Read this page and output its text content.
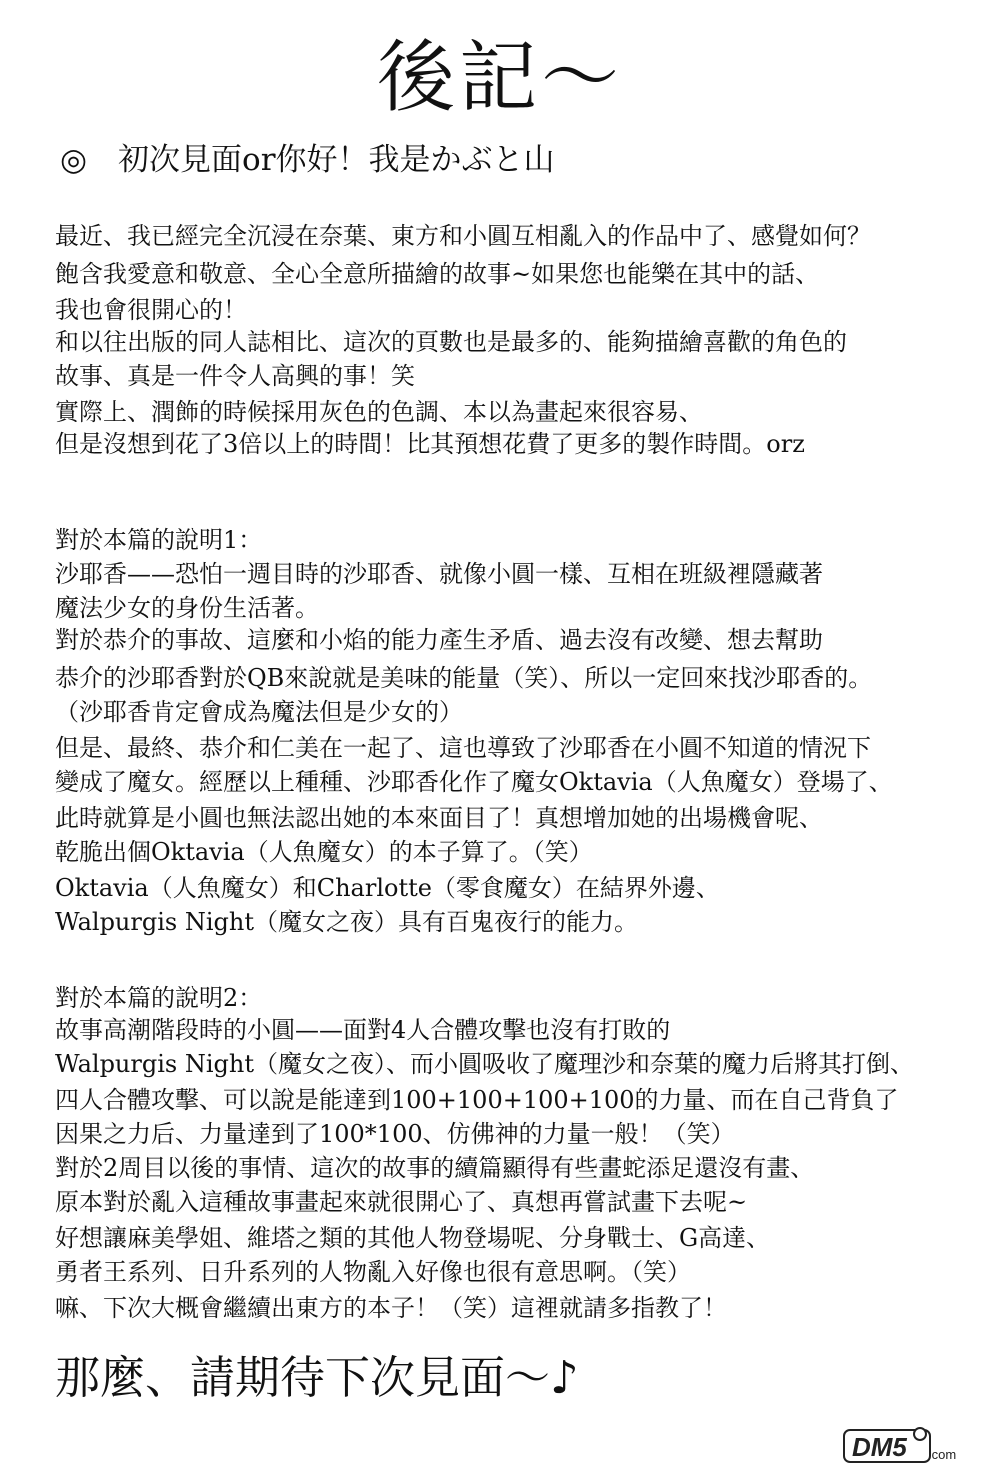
後記～
◎　初次見面or你好！我是かぶと山
最近、我已經完全沉浸在奈葉、東方和小圓互相亂入的作品中了、感覺如何？
飽含我愛意和敬意、全心全意所描繪的故事~如果您也能樂在其中的話、
我也會很開心的！
和以往出版的同人誌相比、這次的頁數也是最多的、能夠描繪喜歡的角色的
故事、真是一件令人高興的事！笑
實際上、潤飾的時候採用灰色的色調、本以為畫起來很容易、
但是沒想到花了3倍以上的時間！比其預想花費了更多的製作時間。orz
對於本篇的說明1：
沙耶香——恐怕一週目時的沙耶香、就像小圓一樣、互相在班級裡隱藏著
魔法少女的身份生活著。
對於恭介的事故、這麼和小焰的能力產生矛盾、過去沒有改變、想去幫助
恭介的沙耶香對於QB來說就是美味的能量（笑）、所以一定回來找沙耶香的。
（沙耶香肯定會成為魔法但是少女的）
但是、最終、恭介和仁美在一起了、這也導致了沙耶香在小圓不知道的情況下
變成了魔女。經歷以上種種、沙耶香化作了魔女Oktavia（人魚魔女）登場了、
此時就算是小圓也無法認出她的本來面目了！真想增加她的出場機會呢、
乾脆出個Oktavia（人魚魔女）的本子算了。（笑）
Oktavia（人魚魔女）和Charlotte（零食魔女）在結界外邊、
Walpurgis Night（魔女之夜）具有百鬼夜行的能力。
對於本篇的說明2：
故事高潮階段時的小圓——面對4人合體攻擊也沒有打敗的
Walpurgis Night（魔女之夜）、而小圓吸收了魔理沙和奈葉的魔力后將其打倒、
四人合體攻擊、可以說是能達到100+100+100+100的力量、而在自己背負了
因果之力后、力量達到了100*100、仿佛神的力量一般！（笑）
對於2周目以後的事情、這次的故事的續篇顯得有些畫蛇添足還沒有畫、
原本對於亂入這種故事畫起來就很開心了、真想再嘗試畫下去呢~
好想讓麻美學姐、維塔之類的其他人物登場呢、分身戰士、G高達、
勇者王系列、日升系列的人物亂入好像也很有意思啊。（笑）
嘛、下次大概會繼續出東方的本子！（笑）這裡就請多指教了！
那麼、請期待下次見面～♪
DM5 .com
